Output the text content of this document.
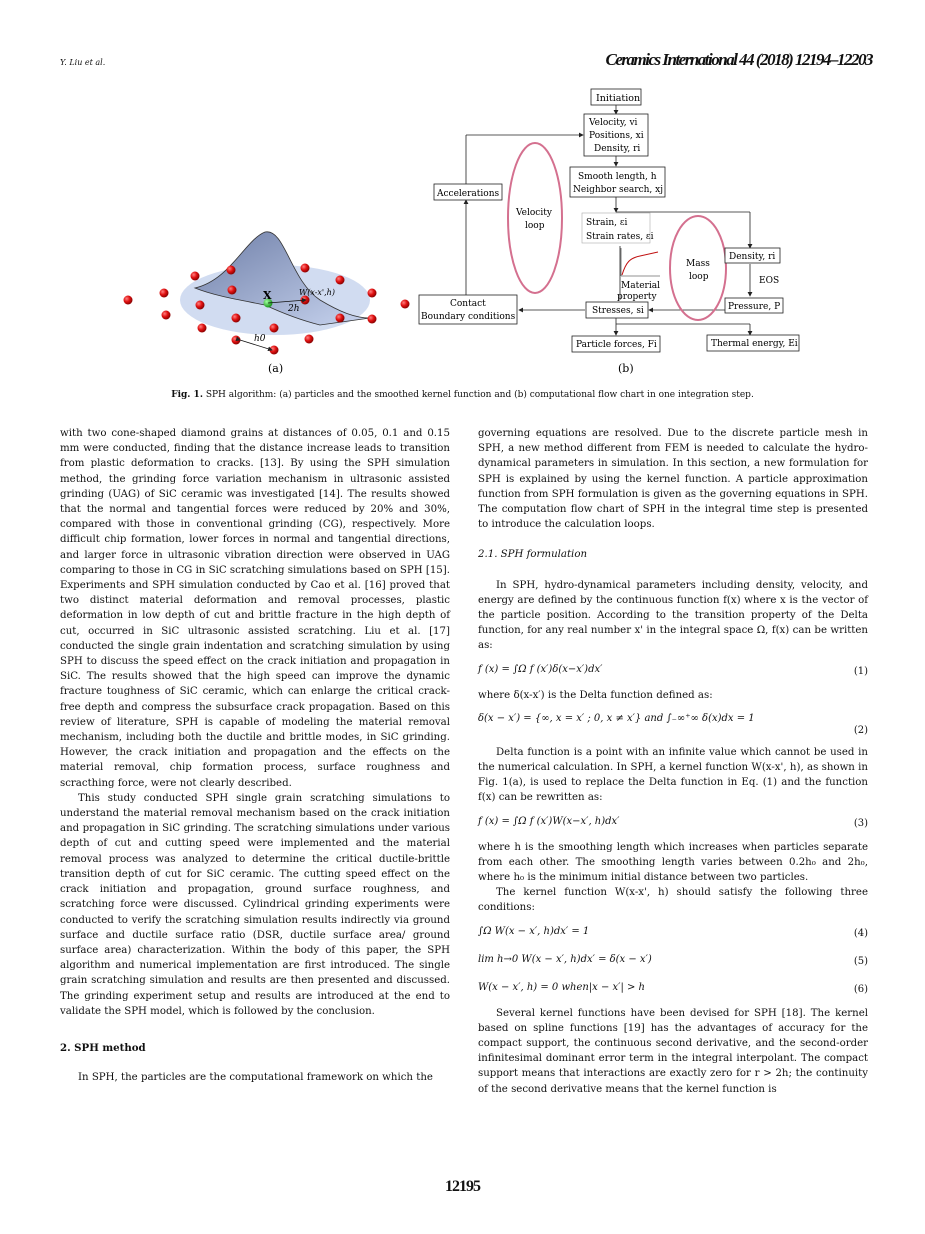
Y. Liu et al.	Ceramics International 44 (2018) 12194–12203
X	W(x-x',h)
2h
h0
(a)
Initiation
Velocity, vi
Positions, xi
Density, ri
Smooth length, h
Neighbor search, xj
Accelerations
Velocity
loop	Strain, εi
Strain rates, εi
Material
property
Mass
loop
Density, ri
EOS
Pressure, P
Contact
Boundary conditions
Stresses, si
Particle forces, Fi	Thermal energy, Ei
(b)
Fig. 1. SPH algorithm: (a) particles and the smoothed kernel function and (b) computational flow chart in one integration step.

with two cone-shaped diamond grains at distances of 0.05, 0.1 and 0.15 mm were conducted, finding that the distance increase leads to transition from plastic deformation to cracks. [13]. By using the SPH simulation method, the grinding force variation mechanism in ultrasonic assisted grinding (UAG) of SiC ceramic was investigated [14]. The results showed that the normal and tangential forces were reduced by 20% and 30%, compared with those in conventional grinding (CG), respectively. More difficult chip formation, lower forces in normal and tangential directions, and larger force in ultrasonic vibration direction were observed in UAG comparing to those in CG in SiC scratching simulations based on SPH [15]. Experiments and SPH simulation conducted by Cao et al. [16] proved that two distinct material deformation and removal processes, plastic deformation in low depth of cut and brittle fracture in the high depth of cut, occurred in SiC ultrasonic assisted scratching. Liu et al. [17] conducted the single grain indentation and scratching simulation by using SPH to discuss the speed effect on the crack initiation and propagation in SiC. The results showed that the high speed can improve the dynamic fracture toughness of SiC ceramic, which can enlarge the critical crack-free depth and compress the subsurface crack propagation. Based on this review of literature, SPH is capable of modeling the material removal mechanism, including both the ductile and brittle modes, in SiC grinding. However, the crack initiation and propagation and the effects on the material removal, chip formation process, surface roughness and scracthing force, were not clearly described.

This study conducted SPH single grain scratching simulations to understand the material removal mechanism based on the crack initiation and propagation in SiC grinding. The scratching simulations under various depth of cut and cutting speed were implemented and the material removal process was analyzed to determine the critical ductile-brittle transition depth of cut for SiC ceramic. The cutting speed effect on the crack initiation and propagation, ground surface roughness, and scratching force were discussed. Cylindrical grinding experiments were conducted to verify the scratching simulation results indirectly via ground surface and ductile surface ratio (DSR, ductile surface area/ ground surface area) characterization. Within the body of this paper, the SPH algorithm and numerical implementation are first introduced. The single grain scratching simulation and results are then presented and discussed. The grinding experiment setup and results are introduced at the end to validate the SPH model, which is followed by the conclusion.

2. SPH method

In SPH, the particles are the computational framework on which the

governing equations are resolved. Due to the discrete particle mesh in SPH, a new method different from FEM is needed to calculate the hydro-dynamical parameters in simulation. In this section, a new formulation for SPH is explained by using the kernel function. A particle approximation function from SPH formulation is given as the governing equations in SPH. The computation flow chart of SPH in the integral time step is presented to introduce the calculation loops.

2.1. SPH formulation

In SPH, hydro-dynamical parameters including density, velocity, and energy are defined by the continuous function f(x) where x is the vector of the particle position. According to the transition property of the Delta function, for any real number x' in the integral space Ω, f(x) can be written as:

f (x) = ∫Ω f (x′)δ(x−x′)dx′	(1)

where δ(x-x′) is the Delta function defined as:

δ(x − x′) = {∞, x = x′ ; 0, x ≠ x′} and ∫₋∞⁺∞ δ(x)dx = 1
(2)

Delta function is a point with an infinite value which cannot be used in the numerical calculation. In SPH, a kernel function W(x-x', h), as shown in Fig. 1(a), is used to replace the Delta function in Eq. (1) and the function f(x) can be rewritten as:

f (x) = ∫Ω f (x′)W(x−x′, h)dx′	(3)

where h is the smoothing length which increases when particles separate from each other. The smoothing length varies between 0.2h₀ and 2h₀, where h₀ is the minimum initial distance between two particles.

The kernel function W(x-x', h) should satisfy the following three conditions:

∫Ω W(x − x′, h)dx′ = 1	(4)
lim h→0 W(x − x′, h)dx′ = δ(x − x′)	(5)
W(x − x′, h) = 0 when|x − x′| > h	(6)

Several kernel functions have been devised for SPH [18]. The kernel based on spline functions [19] has the advantages of accuracy for the compact support, the continuous second derivative, and the second-order infinitesimal dominant error term in the integral interpolant. The compact support means that interactions are exactly zero for r > 2h; the continuity of the second derivative means that the kernel function is

12195
